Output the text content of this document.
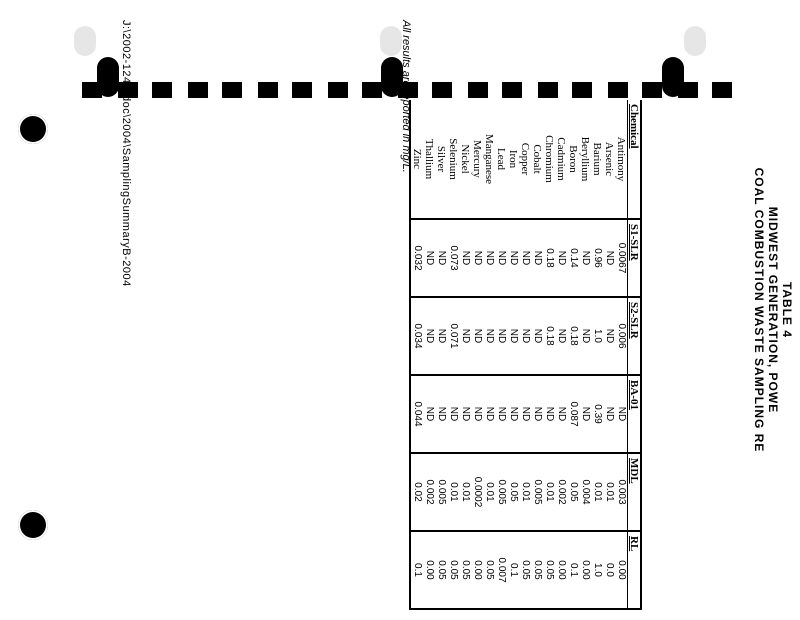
TABLE 4
MIDWEST GENERATION, POWE
COAL COMBUSTION WASTE SAMPLING RE
Chemical	S1-SLR	S2-SLR	BA-01	MDL	RL
Antimony	0.0067	0.006	ND	0.003	0.00
Arsenic	ND	ND	ND	0.01	0.0
Barium	0.96	1.0	0.39	0.01	1.0
Beryllium	ND	ND	ND	0.004	0.00
Boron	0.14	0.18	0.087	0.05	0.1
Cadmium	ND	ND	ND	0.002	0.00
Chromium	0.18	0.18	ND	0.01	0.05
Cobalt	ND	ND	ND	0.005	0.05
Copper	ND	ND	ND	0.01	0.05
Iron	ND	ND	ND	0.05	0.1
Lead	ND	ND	ND	0.005	0.007
Manganese	ND	ND	ND	0.01	0.05
Mercury	ND	ND	ND	0.0002	0.00
Nickel	ND	ND	ND	0.01	0.05
Selenium	0.073	0.071	ND	0.01	0.05
Silver	ND	ND	ND	0.005	0.05
Thallium	ND	ND	ND	0.002	0.00
Zinc	0.032	0.034	0.044	0.02	0.1
All results are reported in mg/L.
J:\2002-124B\doc\2004\SamplingSummaryB-2004
